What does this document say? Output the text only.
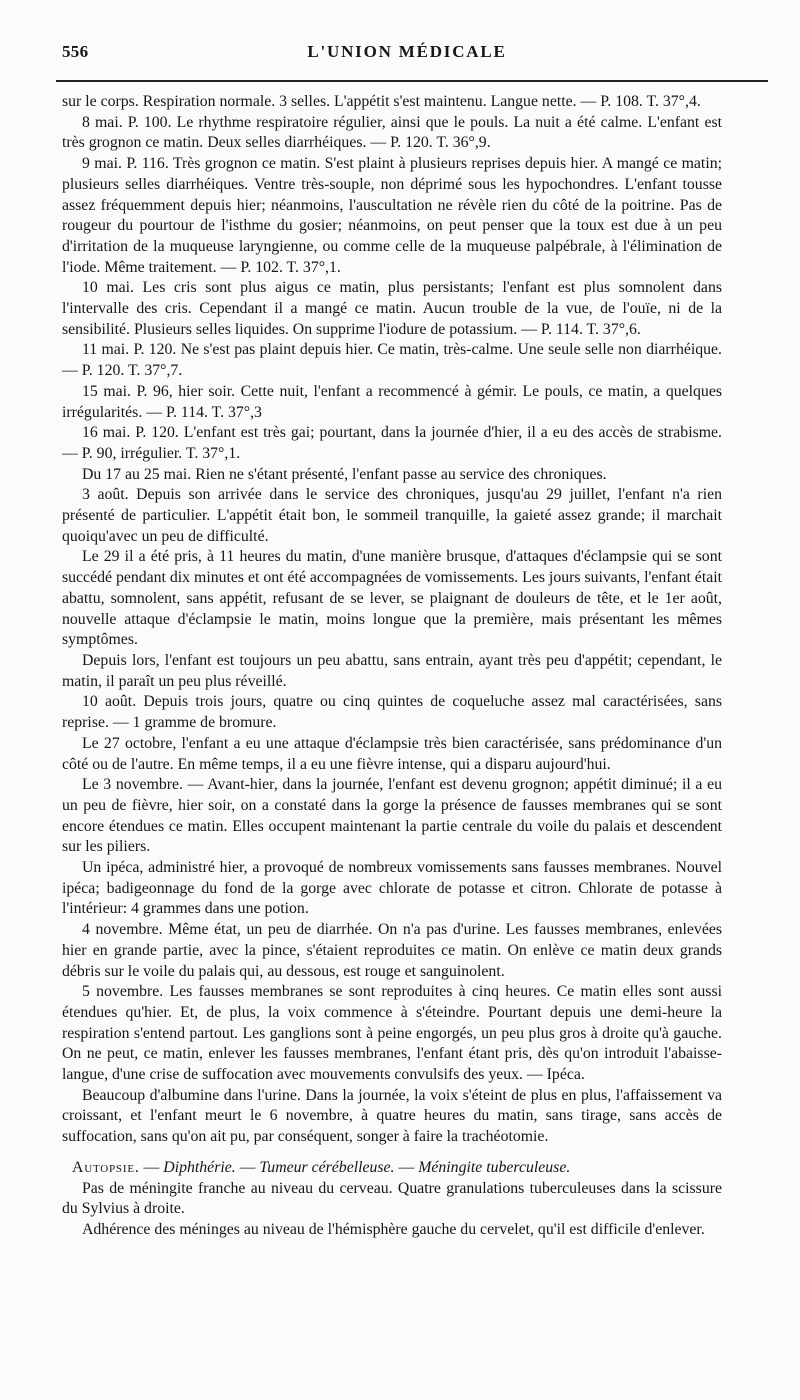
556	L'UNION MÉDICALE

sur le corps. Respiration normale. 3 selles. L'appétit s'est maintenu. Langue nette. — P. 108. T. 37°,4.

8 mai. P. 100. Le rhythme respiratoire régulier, ainsi que le pouls. La nuit a été calme. L'enfant est très grognon ce matin. Deux selles diarrhéiques. — P. 120. T. 36°,9.

9 mai. P. 116. Très grognon ce matin. S'est plaint à plusieurs reprises depuis hier. A mangé ce matin; plusieurs selles diarrhéiques. Ventre très-souple, non déprimé sous les hypochondres. L'enfant tousse assez fréquemment depuis hier; néanmoins, l'auscultation ne révèle rien du côté de la poitrine. Pas de rougeur du pourtour de l'isthme du gosier; néanmoins, on peut penser que la toux est due à un peu d'irritation de la muqueuse laryngienne, ou comme celle de la muqueuse palpébrale, à l'élimination de l'iode. Même traitement. — P. 102. T. 37°,1.

10 mai. Les cris sont plus aigus ce matin, plus persistants; l'enfant est plus somnolent dans l'intervalle des cris. Cependant il a mangé ce matin. Aucun trouble de la vue, de l'ouïe, ni de la sensibilité. Plusieurs selles liquides. On supprime l'iodure de potassium. — P. 114. T. 37°,6.

11 mai. P. 120. Ne s'est pas plaint depuis hier. Ce matin, très-calme. Une seule selle non diarrhéique. — P. 120. T. 37°,7.

15 mai. P. 96, hier soir. Cette nuit, l'enfant a recommencé à gémir. Le pouls, ce matin, a quelques irrégularités. — P. 114. T. 37°,3

16 mai. P. 120. L'enfant est très gai; pourtant, dans la journée d'hier, il a eu des accès de strabisme. — P. 90, irrégulier. T. 37°,1.

Du 17 au 25 mai. Rien ne s'étant présenté, l'enfant passe au service des chroniques.

3 août. Depuis son arrivée dans le service des chroniques, jusqu'au 29 juillet, l'enfant n'a rien présenté de particulier. L'appétit était bon, le sommeil tranquille, la gaieté assez grande; il marchait quoiqu'avec un peu de difficulté.

Le 29 il a été pris, à 11 heures du matin, d'une manière brusque, d'attaques d'éclampsie qui se sont succédé pendant dix minutes et ont été accompagnées de vomissements. Les jours suivants, l'enfant était abattu, somnolent, sans appétit, refusant de se lever, se plaignant de douleurs de tête, et le 1er août, nouvelle attaque d'éclampsie le matin, moins longue que la première, mais présentant les mêmes symptômes.

Depuis lors, l'enfant est toujours un peu abattu, sans entrain, ayant très peu d'appétit; cependant, le matin, il paraît un peu plus réveillé.

10 août. Depuis trois jours, quatre ou cinq quintes de coqueluche assez mal caractérisées, sans reprise. — 1 gramme de bromure.

Le 27 octobre, l'enfant a eu une attaque d'éclampsie très bien caractérisée, sans prédominance d'un côté ou de l'autre. En même temps, il a eu une fièvre intense, qui a disparu aujourd'hui.

Le 3 novembre. — Avant-hier, dans la journée, l'enfant est devenu grognon; appétit diminué; il a eu un peu de fièvre, hier soir, on a constaté dans la gorge la présence de fausses membranes qui se sont encore étendues ce matin. Elles occupent maintenant la partie centrale du voile du palais et descendent sur les piliers.

Un ipéca, administré hier, a provoqué de nombreux vomissements sans fausses membranes. Nouvel ipéca; badigeonnage du fond de la gorge avec chlorate de potasse et citron. Chlorate de potasse à l'intérieur: 4 grammes dans une potion.

4 novembre. Même état, un peu de diarrhée. On n'a pas d'urine. Les fausses membranes, enlevées hier en grande partie, avec la pince, s'étaient reproduites ce matin. On enlève ce matin deux grands débris sur le voile du palais qui, au dessous, est rouge et sanguinolent.

5 novembre. Les fausses membranes se sont reproduites à cinq heures. Ce matin elles sont aussi étendues qu'hier. Et, de plus, la voix commence à s'éteindre. Pourtant depuis une demi-heure la respiration s'entend partout. Les ganglions sont à peine engorgés, un peu plus gros à droite qu'à gauche. On ne peut, ce matin, enlever les fausses membranes, l'enfant étant pris, dès qu'on introduit l'abaisse-langue, d'une crise de suffocation avec mouvements convulsifs des yeux. — Ipéca.

Beaucoup d'albumine dans l'urine. Dans la journée, la voix s'éteint de plus en plus, l'affaissement va croissant, et l'enfant meurt le 6 novembre, à quatre heures du matin, sans tirage, sans accès de suffocation, sans qu'on ait pu, par conséquent, songer à faire la trachéotomie.

Autopsie. — Diphthérie. — Tumeur cérébelleuse. — Méningite tuberculeuse.

Pas de méningite franche au niveau du cerveau. Quatre granulations tuberculeuses dans la scissure du Sylvius à droite.

Adhérence des méninges au niveau de l'hémisphère gauche du cervelet, qu'il est difficile d'enlever.
